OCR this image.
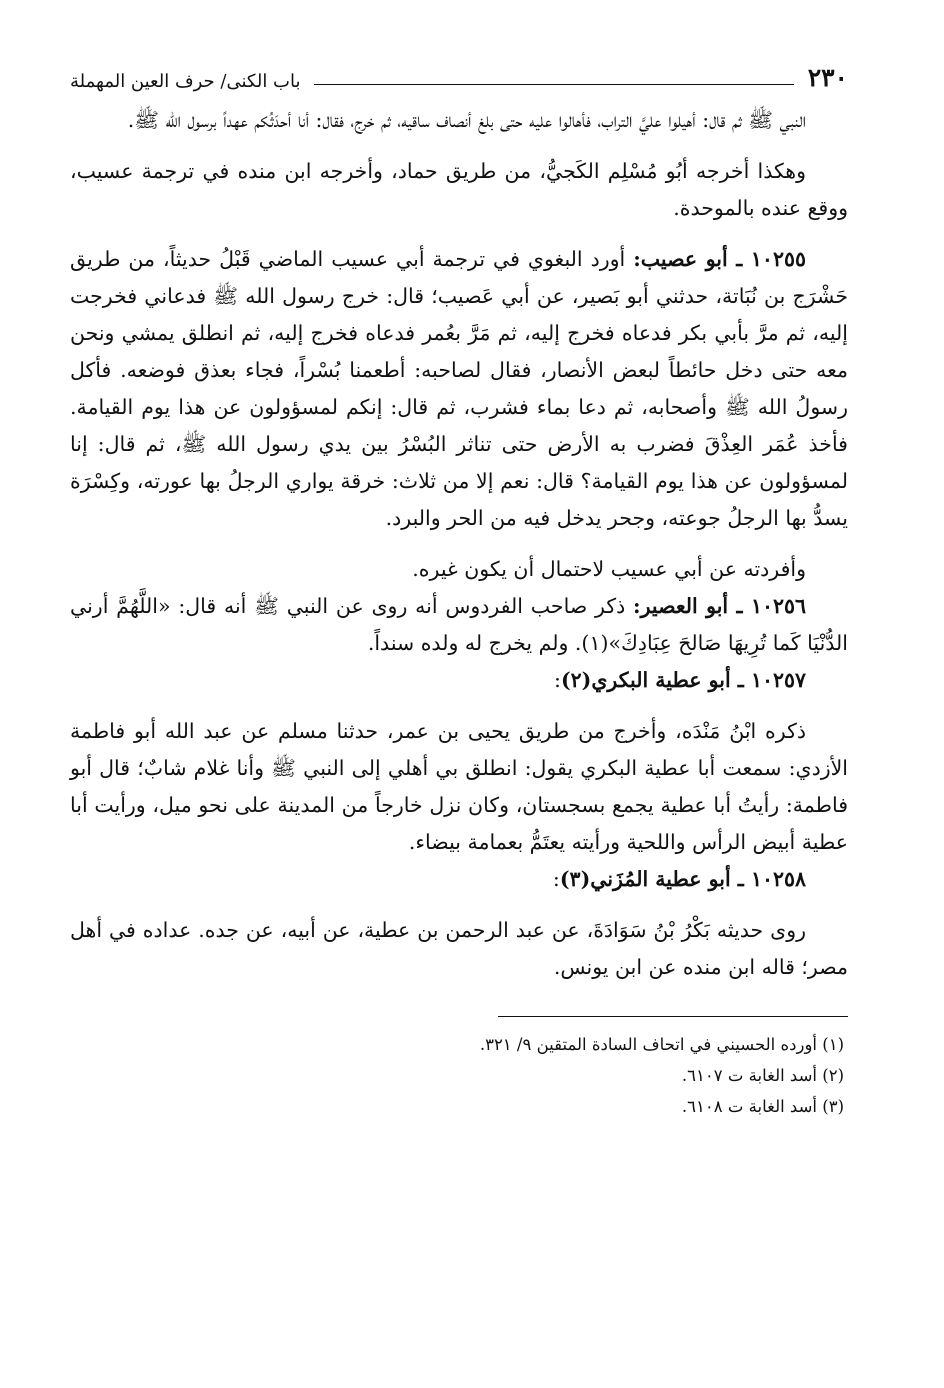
٢٣٠
باب الكنى/ حرف العين المهملة

النبي ﷺ ثم قال: أهيلوا عليَّ التراب، فأهالوا عليه حتى بلغ أنصاف ساقيه، ثم خرج، فقال: أنا أحدَثُكم عهداً برسول الله ﷺ.

وهكذا أخرجه أبُو مُسْلِم الكَجيُّ، من طريق حماد، وأخرجه ابن منده في ترجمة عسيب، ووقع عنده بالموحدة.

١٠٢٥٥ ـ أبو عصيب: أورد البغوي في ترجمة أبي عسيب الماضي قَبْلُ حديثاً، من طريق حَشْرَج بن نُبَاتة، حدثني أبو بَصير، عن أبي عَصيب؛ قال: خرج رسول الله ﷺ فدعاني فخرجت إليه، ثم مرَّ بأبي بكر فدعاه فخرج إليه، ثم مَرَّ بعُمر فدعاه فخرج إليه، ثم انطلق يمشي ونحن معه حتى دخل حائطاً لبعض الأنصار، فقال لصاحبه: أطعمنا بُسْراً، فجاء بعذق فوضعه. فأكل رسولُ الله ﷺ وأصحابه، ثم دعا بماء فشرب، ثم قال: إنكم لمسؤولون عن هذا يوم القيامة. فأخذ عُمَر العِذْقَ فضرب به الأرض حتى تناثر البُسْرُ بين يدي رسول الله ﷺ، ثم قال: إنا لمسؤولون عن هذا يوم القيامة؟ قال: نعم إلا من ثلاث: خرقة يواري الرجلُ بها عورته، وكِسْرَة يسدُّ بها الرجلُ جوعته، وجحر يدخل فيه من الحر والبرد.

وأفردته عن أبي عسيب لاحتمال أن يكون غيره.

١٠٢٥٦ ـ أبو العصير: ذكر صاحب الفردوس أنه روى عن النبي ﷺ أنه قال: «اللَّهُمَّ أرني الدُّنْيَا كَما تُرِيهَا صَالحَ عِبَادِكَ»(١). ولم يخرج له ولده سنداً.

١٠٢٥٧ ـ أبو عطية البكري(٢):

ذكره ابْنُ مَنْدَه، وأخرج من طريق يحيى بن عمر، حدثنا مسلم عن عبد الله أبو فاطمة الأزدي: سمعت أبا عطية البكري يقول: انطلق بي أهلي إلى النبي ﷺ وأنا غلام شابٌ؛ قال أبو فاطمة: رأيتُ أبا عطية يجمع بسجستان، وكان نزل خارجاً من المدينة على نحو ميل، ورأيت أبا عطية أبيض الرأس واللحية ورأيته يعتَمُّ بعمامة بيضاء.

١٠٢٥٨ ـ أبو عطية المُزَني(٣):

روى حديثه بَكْرُ بْنُ سَوَادَةَ، عن عبد الرحمن بن عطية، عن أبيه، عن جده. عداده في أهل مصر؛ قاله ابن منده عن ابن يونس.

(١) أورده الحسيني في اتحاف السادة المتقين ٩/ ٣٢١.
(٢) أسد الغابة ت ٦١٠٧.
(٣) أسد الغابة ت ٦١٠٨.
